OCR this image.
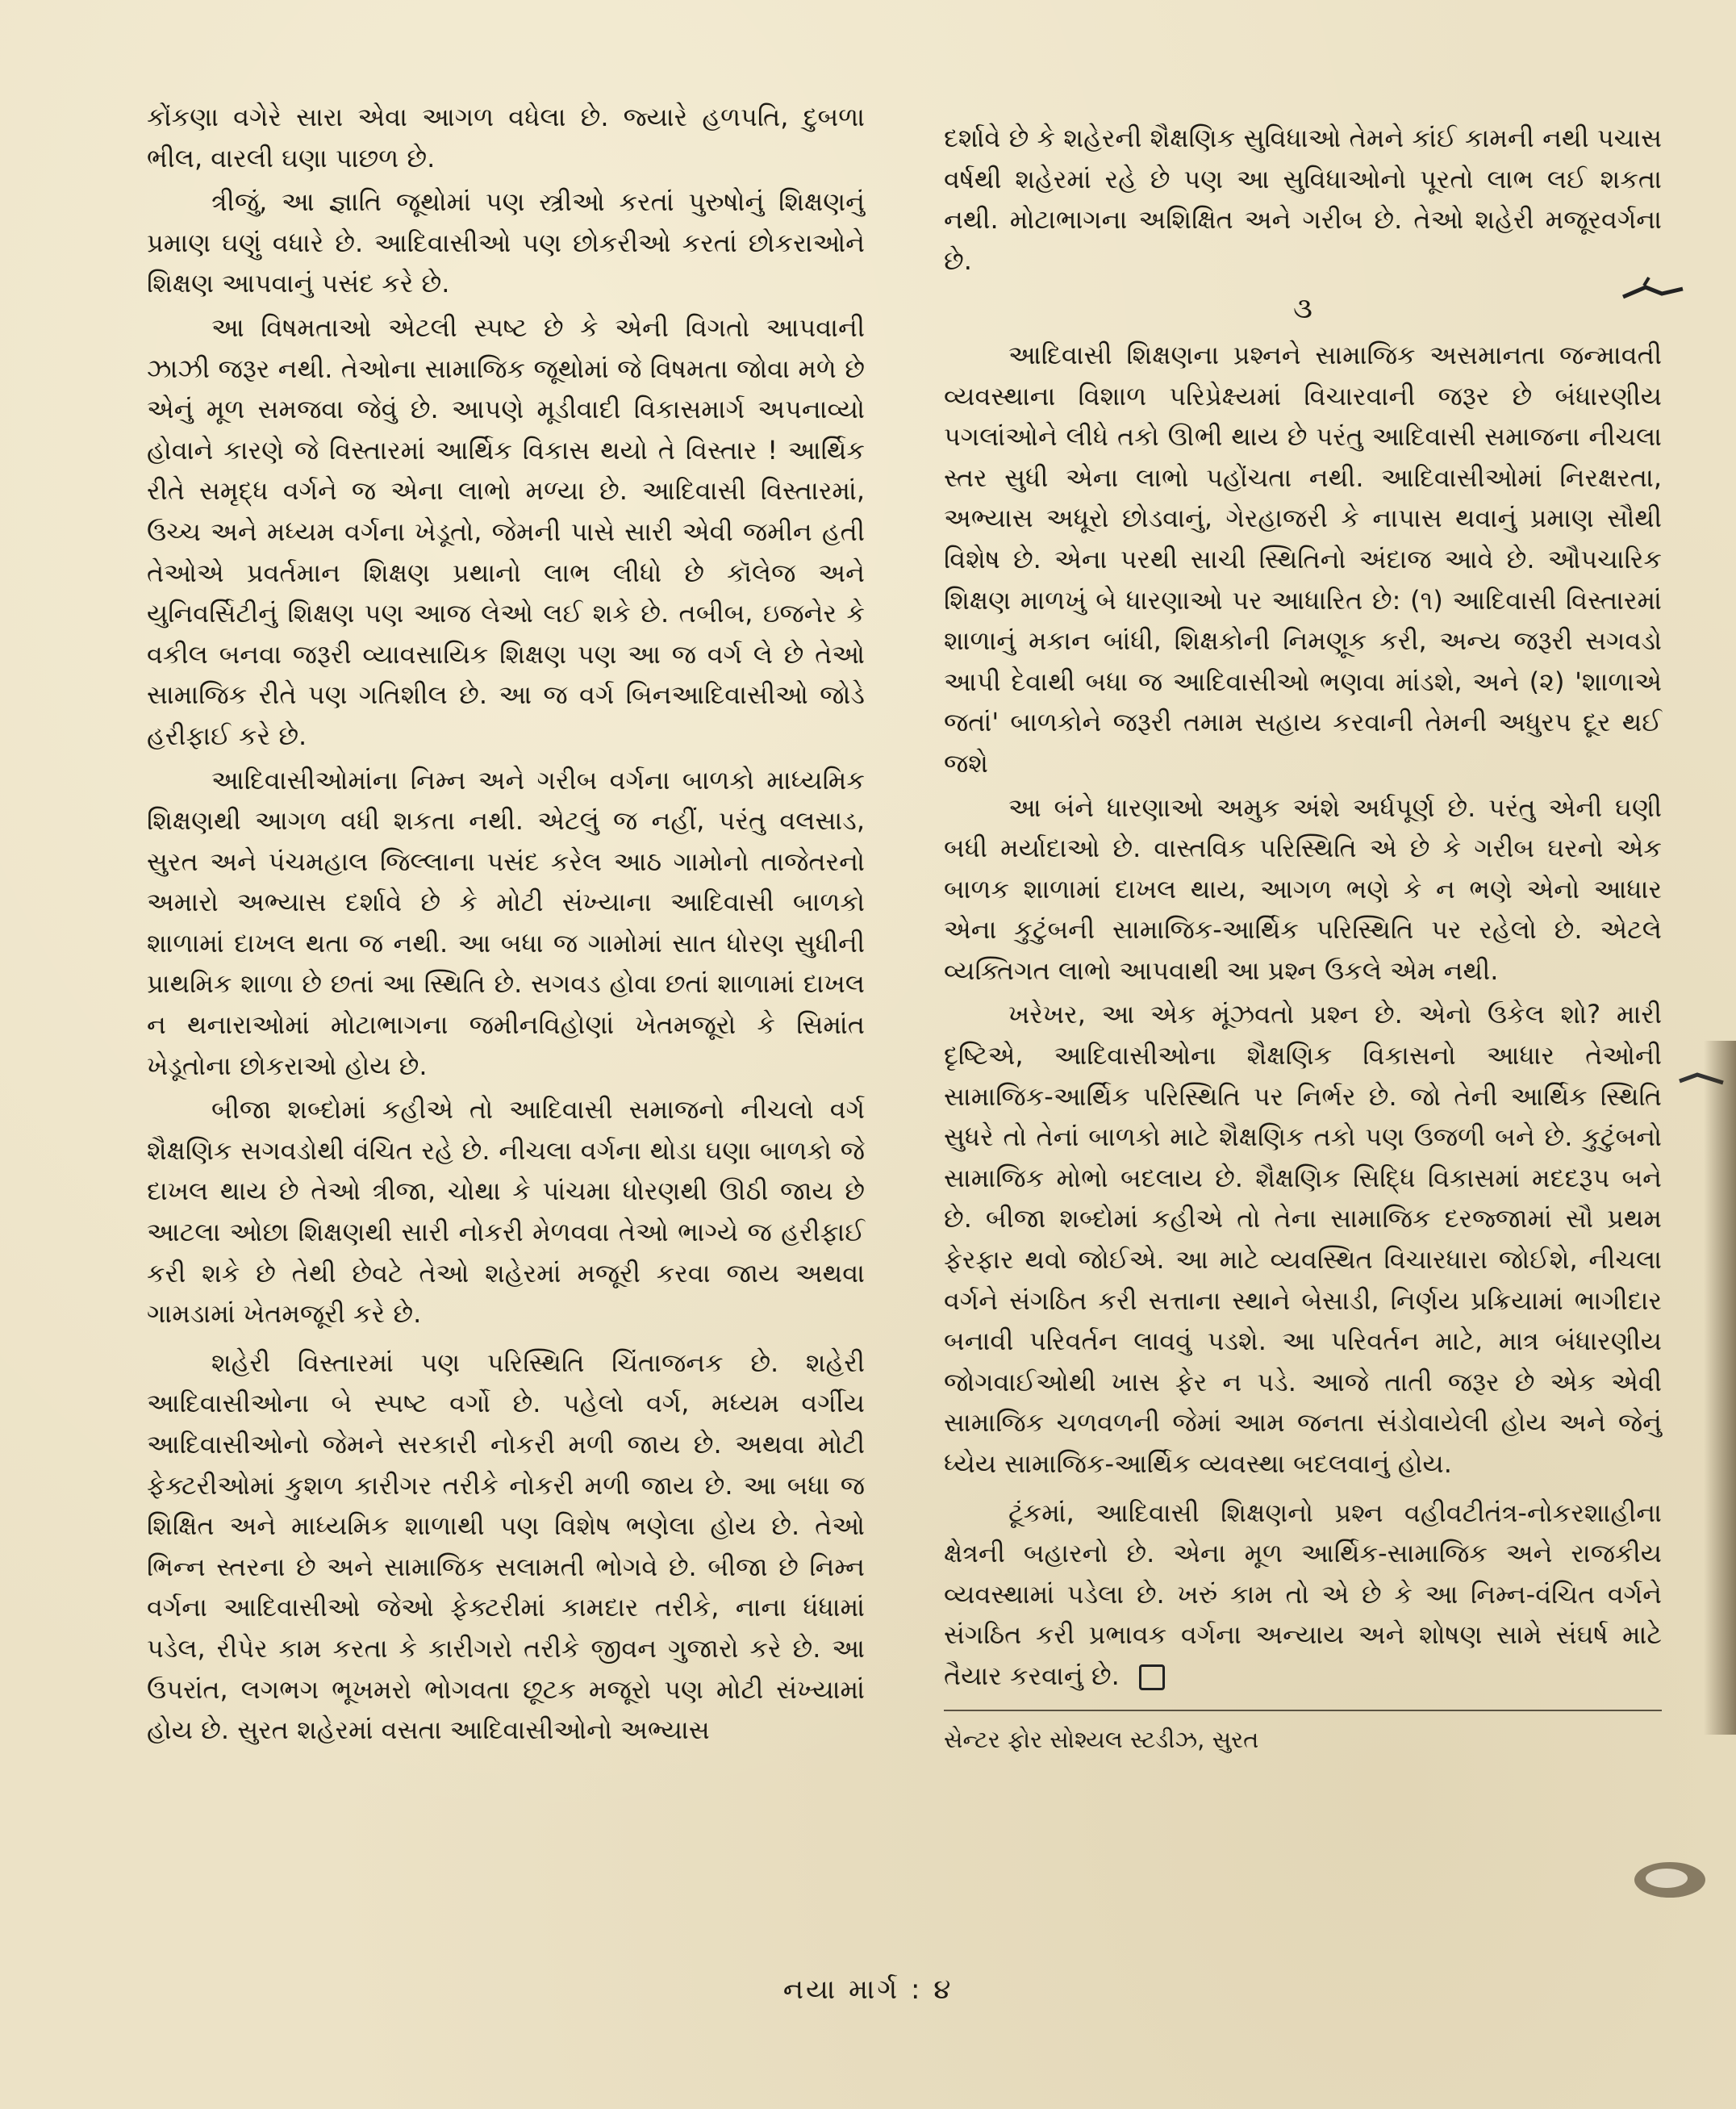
કોંકણા વગેરે સારા એવા આગળ વધેલા છે. જ્યારે હળપતિ, દુબળા ભીલ, વારલી ઘણા પાછળ છે.

ત્રીજું, આ જ્ઞાતિ જૂથોમાં પણ સ્ત્રીઓ કરતાં પુરુષોનું શિક્ષણનું પ્રમાણ ઘણું વધારે છે. આદિવાસીઓ પણ છોકરીઓ કરતાં છોકરાઓને શિક્ષણ આપવાનું પસંદ કરે છે.

આ વિષમતાઓ એટલી સ્પષ્ટ છે કે એની વિગતો આપવાની ઝાઝી જરૂર નથી. તેઓના સામાજિક જૂથોમાં જે વિષમતા જોવા મળે છે એનું મૂળ સમજવા જેવું છે. આપણે મૂડીવાદી વિકાસમાર્ગ અપનાવ્યો હોવાને કારણે જે વિસ્તારમાં આર્થિક વિકાસ થયો તે વિસ્તાર ! આર્થિક રીતે સમૃદ્ધ વર્ગને જ એના લાભો મળ્યા છે. આદિવાસી વિસ્તારમાં, ઉચ્ચ અને મધ્યમ વર્ગના ખેડૂતો, જેમની પાસે સારી એવી જમીન હતી તેઓએ પ્રવર્તમાન શિક્ષણ પ્રથાનો લાભ લીધો છે કૉલેજ અને યુનિવર્સિટીનું શિક્ષણ પણ આજ લેઓ લઈ શકે છે. તબીબ, ઇજનેર કે વકીલ બનવા જરૂરી વ્યાવસાયિક શિક્ષણ પણ આ જ વર્ગ લે છે તેઓ સામાજિક રીતે પણ ગતિશીલ છે. આ જ વર્ગ બિનઆદિવાસીઓ જોડે હરીફાઈ કરે છે.

આદિવાસીઓમાંના નિમ્ન અને ગરીબ વર્ગના બાળકો માધ્યમિક શિક્ષણથી આગળ વધી શકતા નથી. એટલું જ નહીં, પરંતુ વલસાડ, સુરત અને પંચમહાલ જિલ્લાના પસંદ કરેલ આઠ ગામોનો તાજેતરનો અમારો અભ્યાસ દર્શાવે છે કે મોટી સંખ્યાના આદિવાસી બાળકો શાળામાં દાખલ થતા જ નથી. આ બધા જ ગામોમાં સાત ધોરણ સુધીની પ્રાથમિક શાળા છે છતાં આ સ્થિતિ છે. સગવડ હોવા છતાં શાળામાં દાખલ ન થનારાઓમાં મોટાભાગના જમીનવિહોણાં ખેતમજૂરો કે સિમાંત ખેડૂતોના છોકરાઓ હોય છે.

બીજા શબ્દોમાં કહીએ તો આદિવાસી સમાજનો નીચલો વર્ગ શૈક્ષણિક સગવડોથી વંચિત રહે છે. નીચલા વર્ગના થોડા ઘણા બાળકો જે દાખલ થાય છે તેઓ ત્રીજા, ચોથા કે પાંચમા ધોરણથી ઊઠી જાય છે આટલા ઓછા શિક્ષણથી સારી નોકરી મેળવવા તેઓ ભાગ્યે જ હરીફાઈ કરી શકે છે તેથી છેવટે તેઓ શહેરમાં મજૂરી કરવા જાય અથવા ગામડામાં ખેતમજૂરી કરે છે.

શહેરી વિસ્તારમાં પણ પરિસ્થિતિ ચિંતાજનક છે. શહેરી આદિવાસીઓના બે સ્પષ્ટ વર્ગો છે. પહેલો વર્ગ, મધ્યમ વર્ગીય આદિવાસીઓનો જેમને સરકારી નોકરી મળી જાય છે. અથવા મોટી ફેક્ટરીઓમાં કુશળ કારીગર તરીકે નોકરી મળી જાય છે. આ બધા જ શિક્ષિત અને માધ્યમિક શાળાથી પણ વિશેષ ભણેલા હોય છે. તેઓ ભિન્ન સ્તરના છે અને સામાજિક સલામતી ભોગવે છે. બીજા છે નિમ્ન વર્ગના આદિવાસીઓ જેઓ ફેક્ટરીમાં કામદાર તરીકે, નાના ધંધામાં પડેલ, રીપેર કામ કરતા કે કારીગરો તરીકે જીવન ગુજારો કરે છે. આ ઉપરાંત, લગભગ ભૂખમરો ભોગવતા છૂટક મજૂરો પણ મોટી સંખ્યામાં હોય છે. સુરત શહેરમાં વસતા આદિવાસીઓનો અભ્યાસ

દર્શાવે છે કે શહેરની શૈક્ષણિક સુવિધાઓ તેમને કાંઈ કામની નથી પચાસ વર્ષથી શહેરમાં રહે છે પણ આ સુવિધાઓનો પૂરતો લાભ લઈ શકતા નથી. મોટાભાગના અશિક્ષિત અને ગરીબ છે. તેઓ શહેરી મજૂરવર્ગના છે.

૩

આદિવાસી શિક્ષણના પ્રશ્નને સામાજિક અસમાનતા જન્માવતી વ્યવસ્થાના વિશાળ પરિપ્રેક્ષ્યમાં વિચારવાની જરૂર છે બંધારણીય પગલાંઓને લીધે તકો ઊભી થાય છે પરંતુ આદિવાસી સમાજના નીચલા સ્તર સુધી એના લાભો પહોંચતા નથી. આદિવાસીઓમાં નિરક્ષરતા, અભ્યાસ અધૂરો છોડવાનું, ગેરહાજરી કે નાપાસ થવાનું પ્રમાણ સૌથી વિશેષ છે. એના પરથી સાચી સ્થિતિનો અંદાજ આવે છે. ઔપચારિક શિક્ષણ માળખું બે ધારણાઓ પર આધારિત છે: (૧) આદિવાસી વિસ્તારમાં શાળાનું મકાન બાંધી, શિક્ષકોની નિમણૂક કરી, અન્ય જરૂરી સગવડો આપી દેવાથી બધા જ આદિવાસીઓ ભણવા માંડશે, અને (૨) 'શાળાએ જતાં' બાળકોને જરૂરી તમામ સહાય કરવાની તેમની અધુરપ દૂર થઈ જશે

આ બંને ધારણાઓ અમુક અંશે અર્ધપૂર્ણ છે. પરંતુ એની ઘણી બધી મર્યાદાઓ છે. વાસ્તવિક પરિસ્થિતિ એ છે કે ગરીબ ઘરનો એક બાળક શાળામાં દાખલ થાય, આગળ ભણે કે ન ભણે એનો આધાર એના કુટુંબની સામાજિક-આર્થિક પરિસ્થિતિ પર રહેલો છે. એટલે વ્યક્તિગત લાભો આપવાથી આ પ્રશ્ન ઉકલે એમ નથી.

ખરેખર, આ એક મૂંઝવતો પ્રશ્ન છે. એનો ઉકેલ શો? મારી દૃષ્ટિએ, આદિવાસીઓના શૈક્ષણિક વિકાસનો આધાર તેઓની સામાજિક-આર્થિક પરિસ્થિતિ પર નિર્ભર છે. જો તેની આર્થિક સ્થિતિ સુધરે તો તેનાં બાળકો માટે શૈક્ષણિક તકો પણ ઉજળી બને છે. કુટુંબનો સામાજિક મોભો બદલાય છે. શૈક્ષણિક સિદ્ધિ વિકાસમાં મદદરૂપ બને છે. બીજા શબ્દોમાં કહીએ તો તેના સામાજિક દરજ્જામાં સૌ પ્રથમ ફેરફાર થવો જોઈએ. આ માટે વ્યવસ્થિત વિચારધારા જોઈશે, નીચલા વર્ગને સંગઠિત કરી સત્તાના સ્થાને બેસાડી, નિર્ણય પ્રક્રિયામાં ભાગીદાર બનાવી પરિવર્તન લાવવું પડશે. આ પરિવર્તન માટે, માત્ર બંધારણીય જોગવાઈઓથી ખાસ ફેર ન પડે. આજે તાતી જરૂર છે એક એવી સામાજિક ચળવળની જેમાં આમ જનતા સંડોવાયેલી હોય અને જેનું ધ્યેય સામાજિક-આર્થિક વ્યવસ્થા બદલવાનું હોય.

ટૂંકમાં, આદિવાસી શિક્ષણનો પ્રશ્ન વહીવટીતંત્ર-નોકરશાહીના ક્ષેત્રની બહારનો છે. એના મૂળ આર્થિક-સામાજિક અને રાજકીય વ્યવસ્થામાં પડેલા છે. ખરું કામ તો એ છે કે આ નિમ્ન-વંચિત વર્ગને સંગઠિત કરી પ્રભાવક વર્ગના અન્યાય અને શોષણ સામે સંઘર્ષ માટે તૈયાર કરવાનું છે.

સેન્ટર ફોર સોશ્યલ સ્ટડીઝ, સુરત
નયા માર્ગ : ૪
